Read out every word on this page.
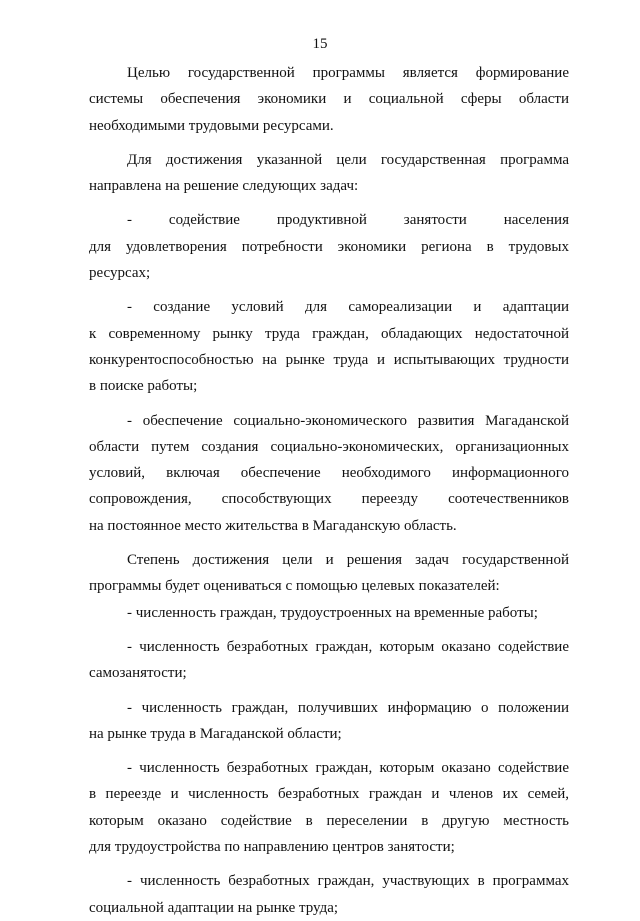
15

Целью государственной программы является формирование
системы обеспечения экономики и социальной сферы области
необходимыми трудовыми ресурсами.

Для достижения указанной цели государственная программа
направлена на решение следующих задач:

- содействие продуктивной занятости населения
для удовлетворения потребности экономики региона в трудовых
ресурсах;

- создание условий для самореализации и адаптации
к современному рынку труда граждан, обладающих недостаточной
конкурентоспособностью на рынке труда и испытывающих трудности
в поиске работы;

- обеспечение социально-экономического развития Магаданской
области путем создания социально-экономических, организационных
условий, включая обеспечение необходимого информационного
сопровождения, способствующих переезду соотечественников
на постоянное место жительства в Магаданскую область.

Степень достижения цели и решения задач государственной
программы будет оцениваться с помощью целевых показателей:

- численность граждан, трудоустроенных на временные работы;

- численность безработных граждан, которым оказано содействие
самозанятости;

- численность граждан, получивших информацию о положении
на рынке труда в Магаданской области;

- численность безработных граждан, которым оказано содействие
в переезде и численность безработных граждан и членов их семей,
которым оказано содействие в переселении в другую местность
для трудоустройства по направлению центров занятости;

- численность безработных граждан, участвующих в программах
социальной адаптации на рынке труда;
